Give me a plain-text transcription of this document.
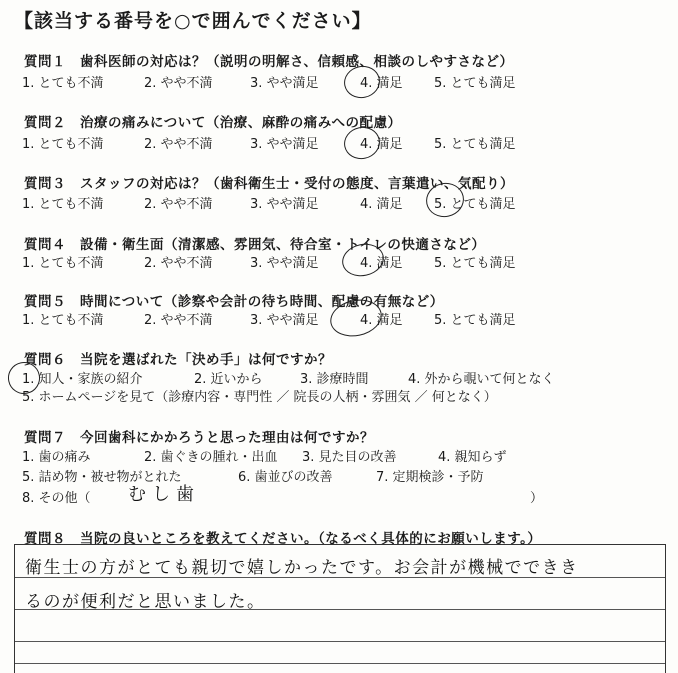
【該当する番号を○で囲んでください】
質問１ 歯科医師の対応は？（説明の明解さ、信頼感、相談のしやすさなど）
1. とても不満	2. やや不満	3. やや満足	4. 満足 5. とても満足
質問２ 治療の痛みについて（治療、麻酔の痛みへの配慮）
1. とても不満	2. やや不満	3. やや満足	4. 満足 5. とても満足
質問３ スタッフの対応は？（歯科衛生士・受付の態度、言葉遣い、気配り）
1. とても不満	2. やや不満	3. やや満足	4. 満足 5. とても満足
質問４ 設備・衛生面（清潔感、雰囲気、待合室・トイレの快適さなど）
1. とても不満	2. やや不満	3. やや満足	4. 満足 5. とても満足
質問５ 時間について（診察や会計の待ち時間、配慮の有無など）
1. とても不満	2. やや不満	3. やや満足	4. 満足 5. とても満足
質問６ 当院を選ばれた「決め手」は何ですか？
1. 知人・家族の紹介	2. 近いから	3. 診療時間	4. 外から覗いて何となく
5. ホームページを見て（診療内容・専門性 ／ 院長の人柄・雰囲気 ／ 何となく）
質問７ 今回歯科にかかろうと思った理由は何ですか？
1. 歯の痛み	2. 歯ぐきの腫れ・出血 3. 見た目の改善	4. 親知らず
5. 詰め物・被せ物がとれた	6. 歯並びの改善	7. 定期検診・予防
8. その他（ むし歯	）
質問８ 当院の良いところを教えてください。（なるべく具体的にお願いします。）
衛生士の方がとても親切で嬉しかったです。お会計が機械でできき
るのが便利だと思いました。
